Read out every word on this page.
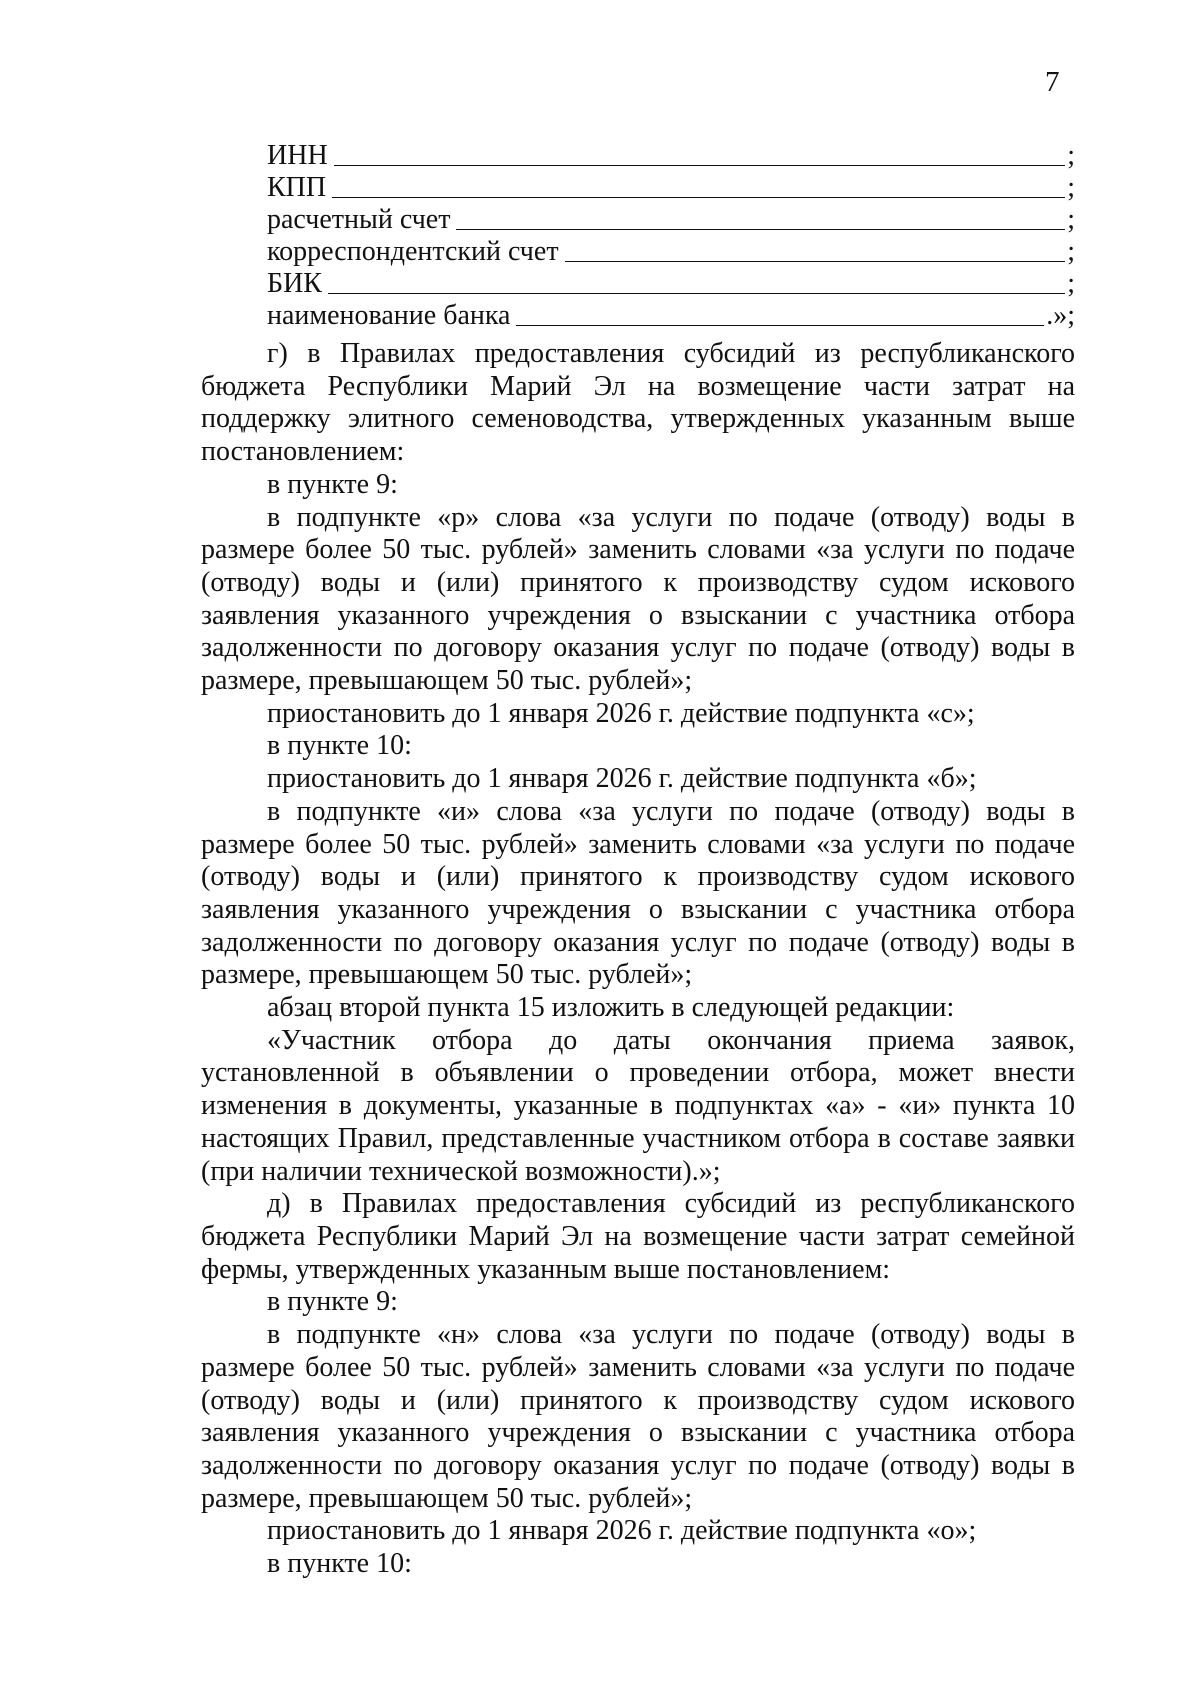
7
ИНН	;
КПП	;
расчетный счет	;
корреспондентский счет	;
БИК	;
наименование банка	.»;

г) в Правилах предоставления субсидий из республиканского бюджета Республики Марий Эл на возмещение части затрат на поддержку элитного семеноводства, утвержденных указанным выше постановлением:

в пункте 9:

в подпункте «р» слова «за услуги по подаче (отводу) воды в размере более 50 тыс. рублей» заменить словами «за услуги по подаче (отводу) воды и (или) принятого к производству судом искового заявления указанного учреждения о взыскании с участника отбора задолженности по договору оказания услуг по подаче (отводу) воды в размере, превышающем 50 тыс. рублей»;

приостановить до 1 января 2026 г. действие подпункта «с»;

в пункте 10:

приостановить до 1 января 2026 г. действие подпункта «б»;

в подпункте «и» слова «за услуги по подаче (отводу) воды в размере более 50 тыс. рублей» заменить словами «за услуги по подаче (отводу) воды и (или) принятого к производству судом искового заявления указанного учреждения о взыскании с участника отбора задолженности по договору оказания услуг по подаче (отводу) воды в размере, превышающем 50 тыс. рублей»;

абзац второй пункта 15 изложить в следующей редакции:

«Участник отбора до даты окончания приема заявок, установленной в объявлении о проведении отбора, может внести изменения в документы, указанные в подпунктах «а» - «и» пункта 10 настоящих Правил, представленные участником отбора в составе заявки (при наличии технической возможности).»;

д) в Правилах предоставления субсидий из республиканского бюджета Республики Марий Эл на возмещение части затрат семейной фермы, утвержденных указанным выше постановлением:

в пункте 9:

в подпункте «н» слова «за услуги по подаче (отводу) воды в размере более 50 тыс. рублей» заменить словами «за услуги по подаче (отводу) воды и (или) принятого к производству судом искового заявления указанного учреждения о взыскании с участника отбора задолженности по договору оказания услуг по подаче (отводу) воды в размере, превышающем 50 тыс. рублей»;

приостановить до 1 января 2026 г. действие подпункта «о»;

в пункте 10:
